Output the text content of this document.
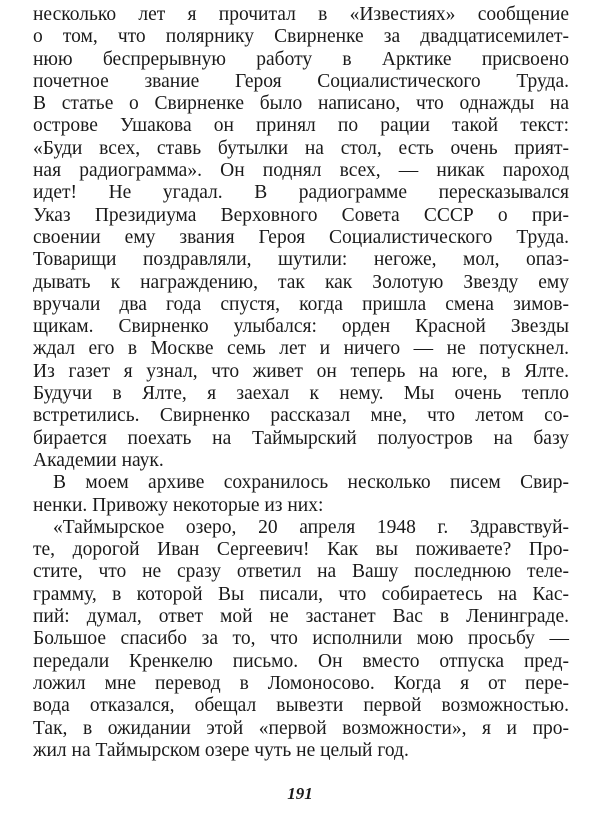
несколько лет я прочитал в «Известиях» сообщение
о том, что полярнику Свирненке за двадцатисемилет-
нюю беспрерывную работу в Арктике присвоено
почетное звание Героя Социалистического Труда.
В статье о Свирненке было написано, что однажды на
острове Ушакова он принял по рации такой текст:
«Буди всех, ставь бутылки на стол, есть очень прият-
ная радиограмма». Он поднял всех, — никак пароход
идет! Не угадал. В радиограмме пересказывался
Указ Президиума Верховного Совета СССР о при-
своении ему звания Героя Социалистического Труда.
Товарищи поздравляли, шутили: негоже, мол, опаз-
дывать к награждению, так как Золотую Звезду ему
вручали два года спустя, когда пришла смена зимов-
щикам. Свирненко улыбался: орден Красной Звезды
ждал его в Москве семь лет и ничего — не потускнел.
Из газет я узнал, что живет он теперь на юге, в Ялте.
Будучи в Ялте, я заехал к нему. Мы очень тепло
встретились. Свирненко рассказал мне, что летом со-
бирается поехать на Таймырский полуостров на базу
Академии наук.
В моем архиве сохранилось несколько писем Свир-
ненки. Привожу некоторые из них:
«Таймырское озеро, 20 апреля 1948 г. Здравствуй-
те, дорогой Иван Сергеевич! Как вы поживаете? Про-
стите, что не сразу ответил на Вашу последнюю теле-
грамму, в которой Вы писали, что собираетесь на Кас-
пий: думал, ответ мой не застанет Вас в Ленинграде.
Большое спасибо за то, что исполнили мою просьбу —
передали Кренкелю письмо. Он вместо отпуска пред-
ложил мне перевод в Ломоносово. Когда я от пере-
вода отказался, обещал вывезти первой возможностью.
Так, в ожидании этой «первой возможности», я и про-
жил на Таймырском озере чуть не целый год.
191
